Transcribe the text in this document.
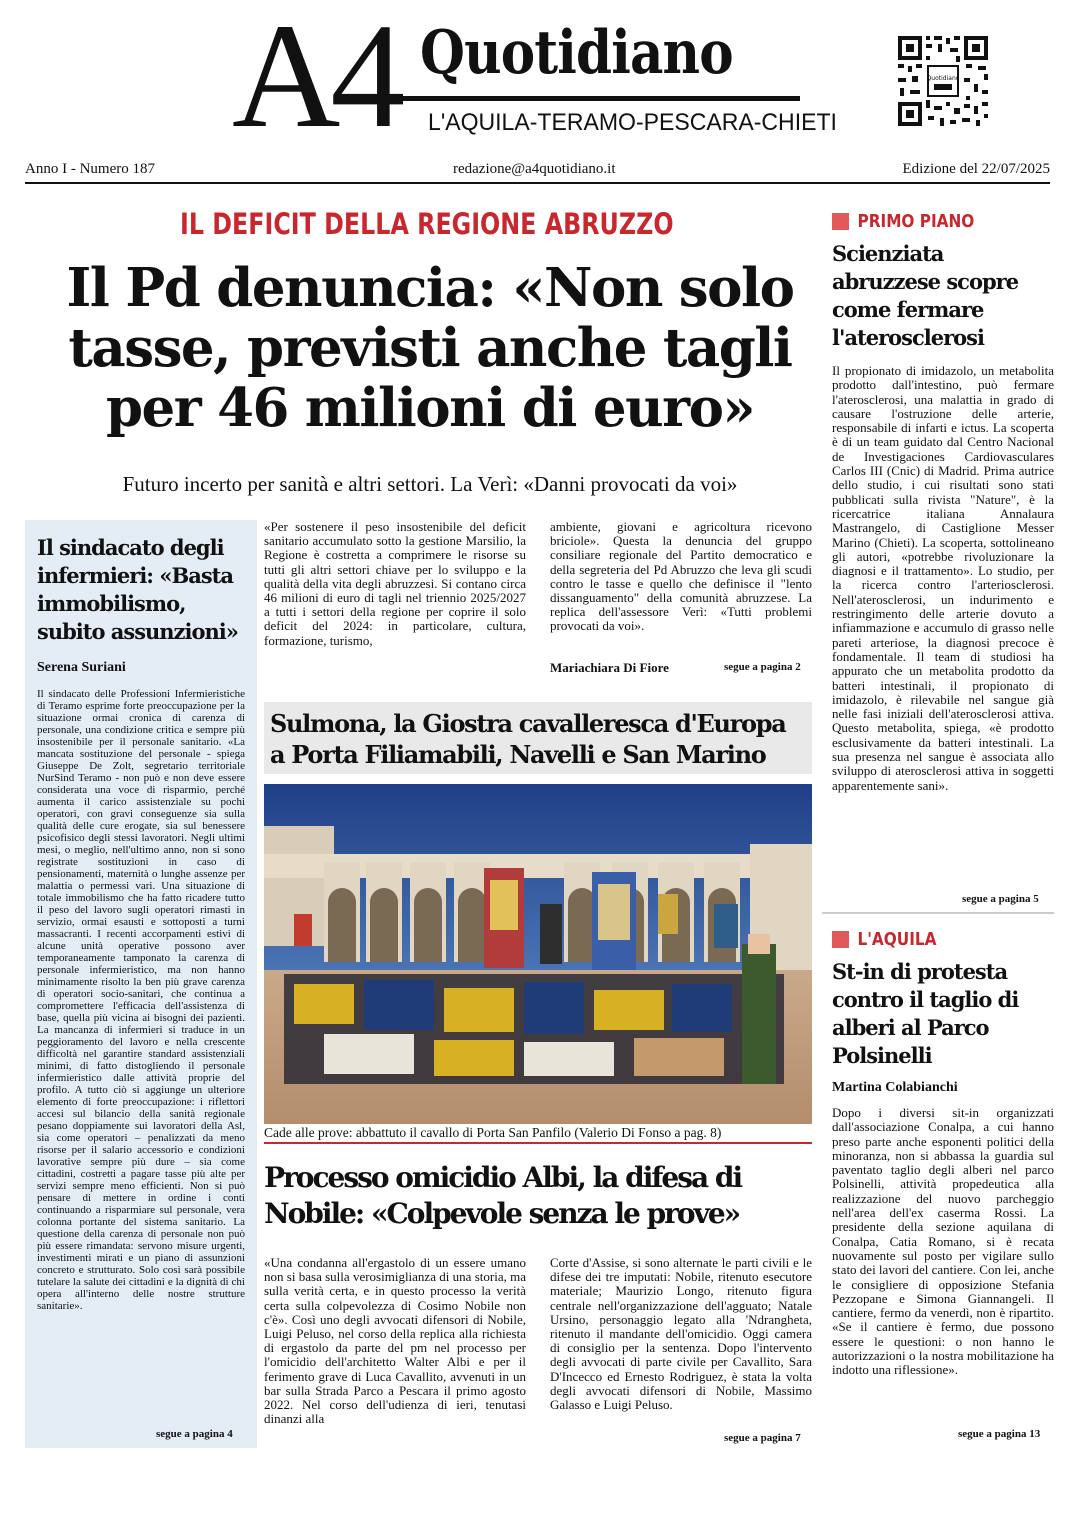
A4 Quotidiano
L'AQUILA-TERAMO-PESCARA-CHIETI
Quotidiano
Anno I - Numero 187	redazione@a4quotidiano.it	Edizione del 22/07/2025
IL DEFICIT DELLA REGIONE ABRUZZO
Il Pd denuncia: «Non solo
tasse, previsti anche tagli
per 46 milioni di euro»
Futuro incerto per sanità e altri settori. La Verì: «Danni provocati da voi»
«Per sostenere il peso insostenibile del deficit sanitario accumulato sotto la gestione Marsilio, la Regione è costretta a comprimere le risorse su tutti gli altri settori chiave per lo sviluppo e la qualità della vita degli abruzzesi. Si contano circa 46 milioni di euro di tagli nel triennio 2025/2027 a tutti i settori della regione per coprire il solo deficit del 2024: in particolare, cultura, formazione, turismo,
ambiente, giovani e agricoltura ricevono briciole». Questa la denuncia del gruppo consiliare regionale del Partito democratico e della segreteria del Pd Abruzzo che leva gli scudi contro le tasse e quello che definisce il "lento dissanguamento" della comunità abruzzese. La replica dell'assessore Verì: «Tutti problemi provocati da voi».
Mariachiara Di Fiore	segue a pagina 2
Il sindacato degli infermieri: «Basta immobilismo, subito assunzioni»
Serena Suriani
Il sindacato delle Professioni Infermieristiche di Teramo esprime forte preoccupazione per la situazione ormai cronica di carenza di personale, una condizione critica e sempre più insostenibile per il personale sanitario. «La mancata sostituzione del personale - spiega Giuseppe De Zolt, segretario territoriale NurSind Teramo - non può e non deve essere considerata una voce di risparmio, perché aumenta il carico assistenziale su pochi operatori, con gravi conseguenze sia sulla qualità delle cure erogate, sia sul benessere psicofisico degli stessi lavoratori. Negli ultimi mesi, o meglio, nell'ultimo anno, non si sono registrate sostituzioni in caso di pensionamenti, maternità o lunghe assenze per malattia o permessi vari. Una situazione di totale immobilismo che ha fatto ricadere tutto il peso del lavoro sugli operatori rimasti in servizio, ormai esausti e sottoposti a turni massacranti. I recenti accorpamenti estivi di alcune unità operative possono aver temporaneamente tamponato la carenza di personale infermieristico, ma non hanno minimamente risolto la ben più grave carenza di operatori socio-sanitari, che continua a compromettere l'efficacia dell'assistenza di base, quella più vicina ai bisogni dei pazienti. La mancanza di infermieri si traduce in un peggioramento del lavoro e nella crescente difficoltà nel garantire standard assistenziali minimi, di fatto distogliendo il personale infermieristico dalle attività proprie del profilo. A tutto ciò si aggiunge un ulteriore elemento di forte preoccupazione: i riflettori accesi sul bilancio della sanità regionale pesano doppiamente sui lavoratori della Asl, sia come operatori – penalizzati da meno risorse per il salario accessorio e condizioni lavorative sempre più dure – sia come cittadini, costretti a pagare tasse più alte per servizi sempre meno efficienti. Non si può pensare di mettere in ordine i conti continuando a risparmiare sul personale, vera colonna portante del sistema sanitario. La questione della carenza di personale non può più essere rimandata: servono misure urgenti, investimenti mirati e un piano di assunzioni concreto e strutturato. Solo così sarà possibile tutelare la salute dei cittadini e la dignità di chi opera all'interno delle nostre strutture sanitarie».
segue a pagina 4
Sulmona, la Giostra cavalleresca d'Europa a Porta Filiamabili, Navelli e San Marino
Cade alle prove: abbattuto il cavallo di Porta San Panfilo (Valerio Di Fonso a pag. 8)
Processo omicidio Albi, la difesa di Nobile: «Colpevole senza le prove»
«Una condanna all'ergastolo di un essere umano non si basa sulla verosimiglianza di una storia, ma sulla verità certa, e in questo processo la verità certa sulla colpevolezza di Cosimo Nobile non c'è». Così uno degli avvocati difensori di Nobile, Luigi Peluso, nel corso della replica alla richiesta di ergastolo da parte del pm nel processo per l'omicidio dell'architetto Walter Albi e per il ferimento grave di Luca Cavallito, avvenuti in un bar sulla Strada Parco a Pescara il primo agosto 2022. Nel corso dell'udienza di ieri, tenutasi dinanzi alla
Corte d'Assise, si sono alternate le parti civili e le difese dei tre imputati: Nobile, ritenuto esecutore materiale; Maurizio Longo, ritenuto figura centrale nell'organizzazione dell'agguato; Natale Ursino, personaggio legato alla 'Ndrangheta, ritenuto il mandante dell'omicidio. Oggi camera di consiglio per la sentenza. Dopo l'intervento degli avvocati di parte civile per Cavallito, Sara D'Incecco ed Ernesto Rodriguez, è stata la volta degli avvocati difensori di Nobile, Massimo Galasso e Luigi Peluso.
segue a pagina 7
PRIMO PIANO
Scienziata abruzzese scopre come fermare l'aterosclerosi
Il propionato di imidazolo, un metabolita prodotto dall'intestino, può fermare l'aterosclerosi, una malattia in grado di causare l'ostruzione delle arterie, responsabile di infarti e ictus. La scoperta è di un team guidato dal Centro Nacional de Investigaciones Cardiovasculares Carlos III (Cnic) di Madrid. Prima autrice dello studio, i cui risultati sono stati pubblicati sulla rivista "Nature", è la ricercatrice italiana Annalaura Mastrangelo, di Castiglione Messer Marino (Chieti). La scoperta, sottolineano gli autori, «potrebbe rivoluzionare la diagnosi e il trattamento». Lo studio, per la ricerca contro l'arteriosclerosi. Nell'aterosclerosi, un indurimento e restringimento delle arterie dovuto a infiammazione e accumulo di grasso nelle pareti arteriose, la diagnosi precoce è fondamentale. Il team di studiosi ha appurato che un metabolita prodotto da batteri intestinali, il propionato di imidazolo, è rilevabile nel sangue già nelle fasi iniziali dell'aterosclerosi attiva. Questo metabolita, spiega, «è prodotto esclusivamente da batteri intestinali. La sua presenza nel sangue è associata allo sviluppo di aterosclerosi attiva in soggetti apparentemente sani».
segue a pagina 5
L'AQUILA
St-in di protesta contro il taglio di alberi al Parco Polsinelli
Martina Colabianchi
Dopo i diversi sit-in organizzati dall'associazione Conalpa, a cui hanno preso parte anche esponenti politici della minoranza, non si abbassa la guardia sul paventato taglio degli alberi nel parco Polsinelli, attività propedeutica alla realizzazione del nuovo parcheggio nell'area dell'ex caserma Rossi. La presidente della sezione aquilana di Conalpa, Catia Romano, si è recata nuovamente sul posto per vigilare sullo stato dei lavori del cantiere. Con lei, anche le consigliere di opposizione Stefania Pezzopane e Simona Giannangeli. Il cantiere, fermo da venerdì, non è ripartito. «Se il cantiere è fermo, due possono essere le questioni: o non hanno le autorizzazioni o la nostra mobilitazione ha indotto una riflessione».
segue a pagina 13
